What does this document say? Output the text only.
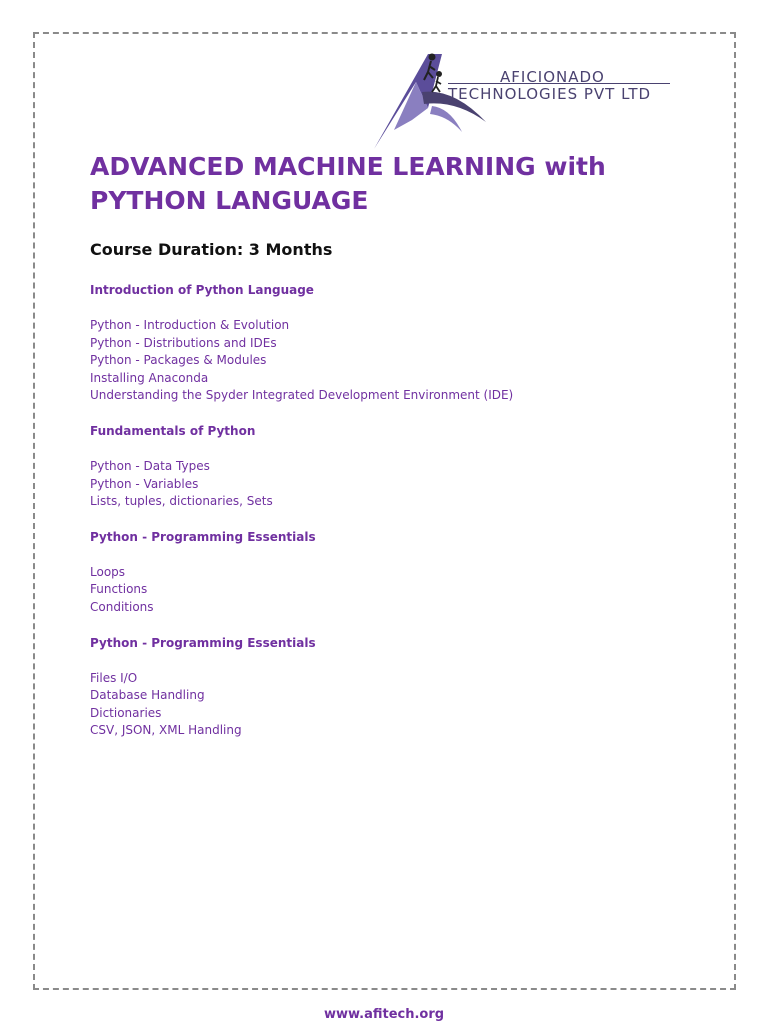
AFICIONADO
TECHNOLOGIES PVT LTD
ADVANCED MACHINE LEARNING with
PYTHON LANGUAGE
Course Duration: 3 Months
Introduction of Python Language
Python - Introduction & Evolution
Python - Distributions and IDEs
Python - Packages & Modules
Installing Anaconda
Understanding the Spyder Integrated Development Environment (IDE)
Fundamentals of Python
Python - Data Types
Python - Variables
Lists, tuples, dictionaries, Sets
Python - Programming Essentials
Loops
Functions
Conditions
Python - Programming Essentials
Files I/O
Database Handling
Dictionaries
CSV, JSON, XML Handling
www.afitech.org
